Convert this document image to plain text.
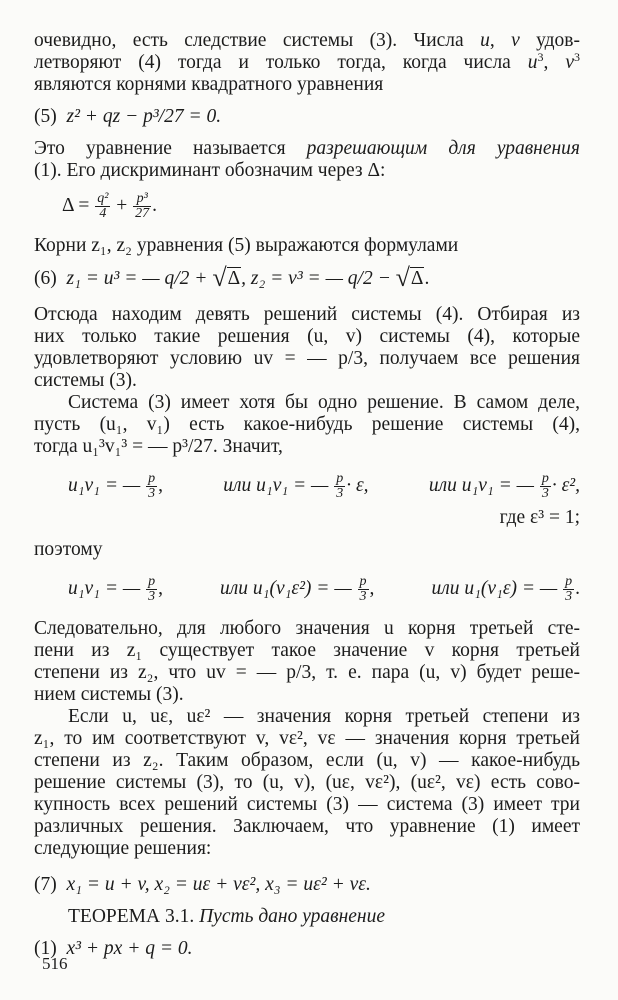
очевидно, есть следствие системы (3). Числа u, v удов-

летворяют (4) тогда и только тогда, когда числа $u^3$, $v^3$

являются корнями квадратного уравнения

(5) z² + qz − p³/27 = 0.

Это уравнение называется разрешающим для уравнения

(1). Его дискриминант обозначим через Δ:

$\Delta = \frac{\text{q²}}{4} + \frac{\text{p³}}{27}$ .

Корни z₁, z₂ уравнения (5) выражаются формулами

(6) z₁ = u³ = — q/2 + √Δ, z₂ = v³ = — q/2 − √Δ.

Отсюда находим девять решений системы (4). Отбирая из

них только такие решения (u, v) системы (4), которые

удовлетворяют условию uv = — p/3, получаем все решения

системы (3).

Система (3) имеет хотя бы одно решение. В самом деле,

пусть (u₁, v₁) есть какое-нибудь решение системы (4),

тогда u₁³v₁³ = — p³/27. Значит,

u₁v₁ = — $\frac{p}{3}$ ,	или u₁v₁ = — $\frac{p}{3} \cdot \varepsilon$,	или u₁v₁ = — $\frac{p}{3} \cdot \varepsilon^2$,

где ε³ = 1;

поэтому

u₁v₁ = — $\frac{p}{3}$ ,	или u₁(v₁ε²) = — $\frac{p}{3}$ ,	или u₁(v₁ε) = — $\frac{p}{3}$ .

Следовательно, для любого значения u корня третьей сте-

пени из z₁ существует такое значение v корня третьей

степени из z₂, что uv = — p/3, т. е. пара (u, v) будет реше-

нием системы (3).

Если u, uε, uε² — значения корня третьей степени из

z₁, то им соответствуют v, vε², vε — значения корня третьей

степени из z₂. Таким образом, если (u, v) — какое-нибудь

решение системы (3), то (u, v), (uε, vε²), (uε², vε) есть сово-

купность всех решений системы (3) — система (3) имеет три

различных решения. Заключаем, что уравнение (1) имеет

следующие решения:

(7) x₁ = u + v, x₂ = uε + vε², x₃ = uε² + vε.

ТЕОРЕМА 3.1. Пусть дано уравнение

(1) x³ + px + q = 0.

516
